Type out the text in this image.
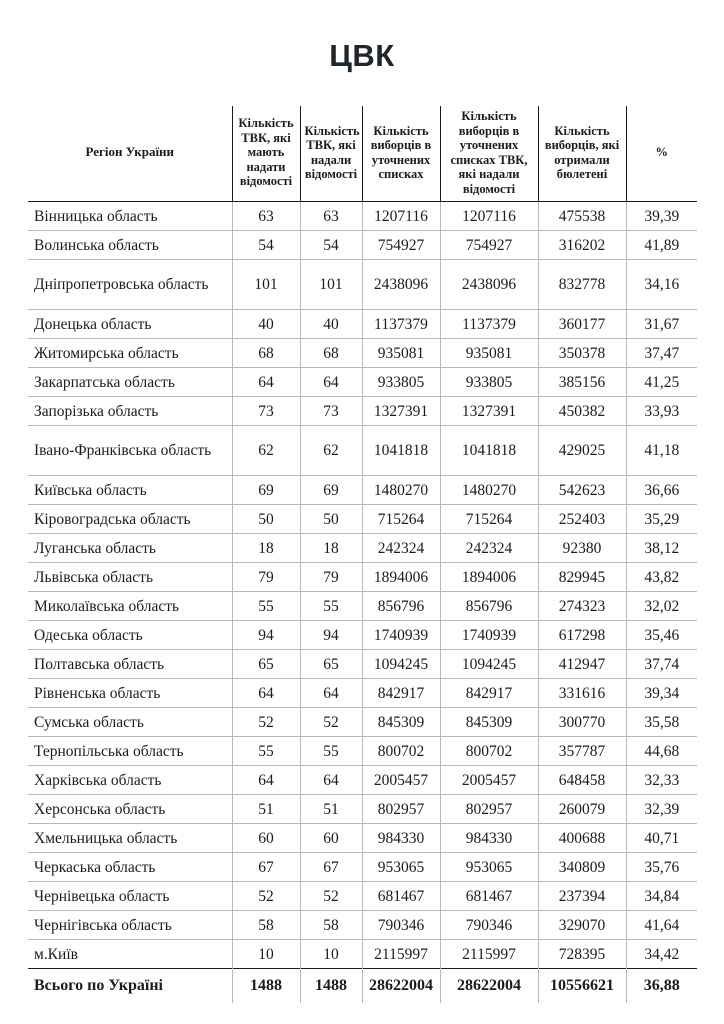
ЦВК
Регіон України	Кількість ТВК, які мають надати відомості	Кількість ТВК, які надали відомості	Кількість виборців в уточнених списках	Кількість виборців в уточнених списках ТВК, які надали відомості	Кількість виборців, які отримали бюлетені	%
Вінницька область	63	63	1207116	1207116	475538	39,39
Волинська область	54	54	754927	754927	316202	41,89
Дніпропетровська область	101	101	2438096	2438096	832778	34,16
Донецька область	40	40	1137379	1137379	360177	31,67
Житомирська область	68	68	935081	935081	350378	37,47
Закарпатська область	64	64	933805	933805	385156	41,25
Запорізька область	73	73	1327391	1327391	450382	33,93
Івано-Франківська область	62	62	1041818	1041818	429025	41,18
Київська область	69	69	1480270	1480270	542623	36,66
Кіровоградська область	50	50	715264	715264	252403	35,29
Луганська область	18	18	242324	242324	92380	38,12
Львівська область	79	79	1894006	1894006	829945	43,82
Миколаївська область	55	55	856796	856796	274323	32,02
Одеська область	94	94	1740939	1740939	617298	35,46
Полтавська область	65	65	1094245	1094245	412947	37,74
Рівненська область	64	64	842917	842917	331616	39,34
Сумська область	52	52	845309	845309	300770	35,58
Тернопільська область	55	55	800702	800702	357787	44,68
Харківська область	64	64	2005457	2005457	648458	32,33
Херсонська область	51	51	802957	802957	260079	32,39
Хмельницька область	60	60	984330	984330	400688	40,71
Черкаська область	67	67	953065	953065	340809	35,76
Чернівецька область	52	52	681467	681467	237394	34,84
Чернігівська область	58	58	790346	790346	329070	41,64
м.Київ	10	10	2115997	2115997	728395	34,42
Всього по Україні	1488	1488	28622004	28622004	10556621	36,88
